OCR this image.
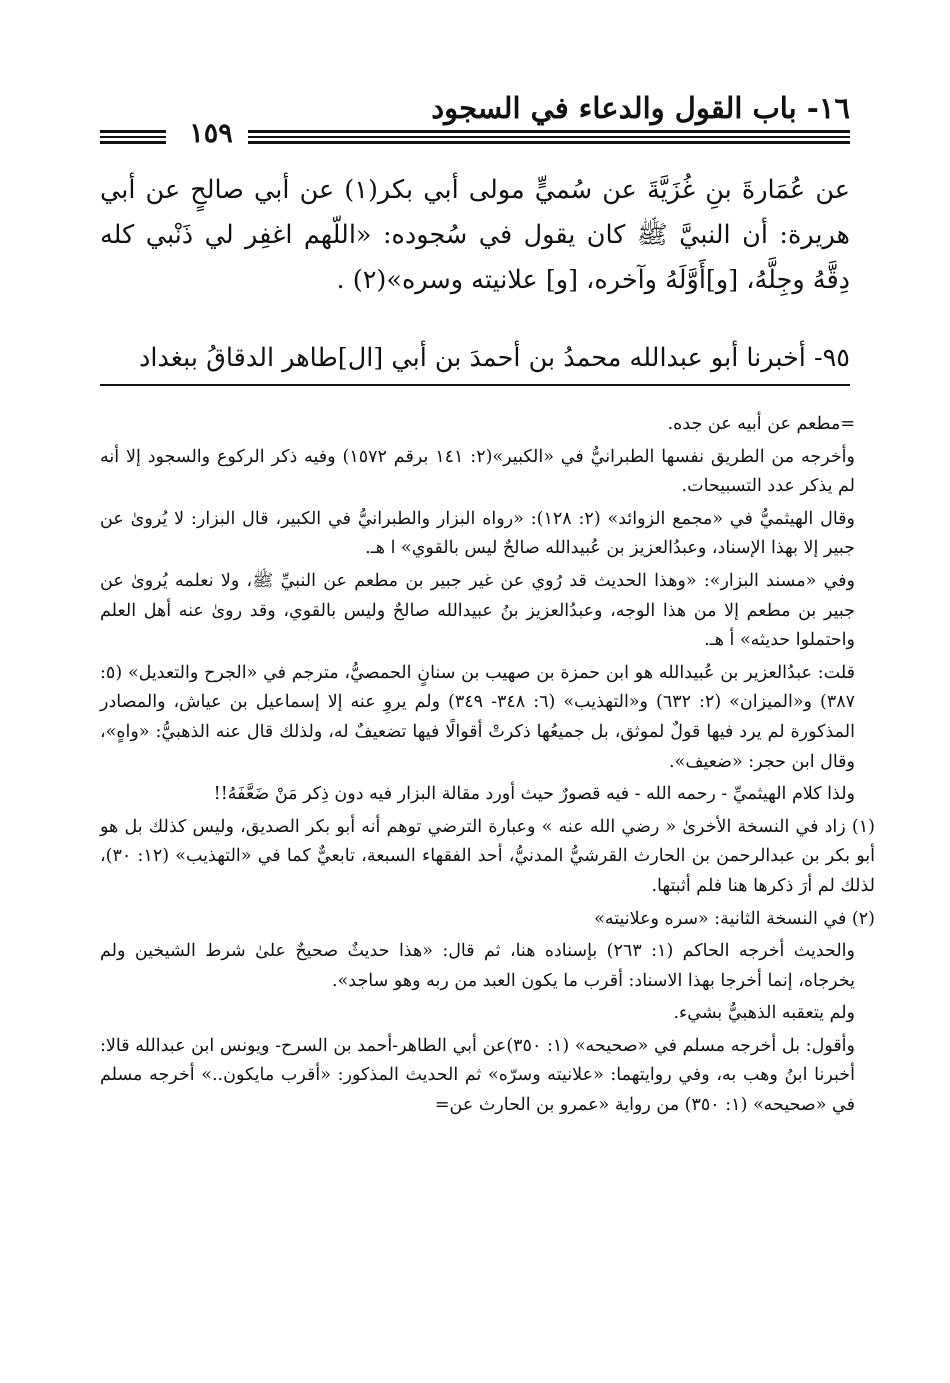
١٦- باب القول والدعاء في السجود
١٥٩

عن عُمَارةَ بنِ غُزَيَّةَ عن سُميٍّ مولى أبي بكر(١) عن أبي صالحٍ عن أبي هريرة: أن النبيَّ ﷺ كان يقول في سُجوده: «اللّهم اغفِر لي ذَنْبي كله دِقَّهُ وجِلَّهُ، [و]أَوَّلَهُ وآخره، [و] علانيته وسره»(٢) .

٩٥- أخبرنا أبو عبدالله محمدُ بن أحمدَ بن أبي [ال]طاهر الدقاقُ ببغداد

=مطعم عن أبيه عن جده.

وأخرجه من الطريق نفسها الطبرانيُّ في «الكبير»(٢: ١٤١ برقم ١٥٧٢) وفيه ذكر الركوع والسجود إلا أنه لم يذكر عدد التسبيحات.

وقال الهيثميُّ في «مجمع الزوائد» (٢: ١٢٨): «رواه البزار والطبرانيُّ في الكبير، قال البزار: لا يُروىٰ عن جبير إلا بهذا الإسناد، وعبدُالعزيز بن عُبيدالله صالحٌ ليس بالقوي» ا هـ.

وفي «مسند البزار»: «وهذا الحديث قد رُوي عن غير جبير بن مطعم عن النبيِّ ﷺ، ولا نعلمه يُروىٰ عن جبير بن مطعم إلا من هذا الوجه، وعبدُالعزيز بنُ عبيدالله صالحٌ وليس بالقوي، وقد روىٰ عنه أهل العلم واحتملوا حديثه» أ هـ.

قلت: عبدُالعزير بن عُبيدالله هو ابن حمزة بن صهيب بن سنانٍ الحمصيُّ، مترجم في «الجرح والتعديل» (٥: ٣٨٧) و«الميزان» (٢: ٦٣٢) و«التهذيب» (٦: ٣٤٨- ٣٤٩) ولم يروِ عنه إلا إسماعيل بن عياش، والمصادر المذكورة لم يرد فيها قولٌ لموثق، بل جميعُها ذكرتْ أقوالًا فيها تضعيفٌ له، ولذلك قال عنه الذهبيُّ: «واهٍ»، وقال ابن حجر: «ضعيف».

ولذا كلام الهيثميِّ - رحمه الله - فيه قصورٌ حيث أورد مقالة البزار فيه دون ذِكر مَنْ ضَعَّفَهُ!!

(١) زاد في النسخة الأخرىٰ « رضي الله عنه » وعبارة الترضي توهم أنه أبو بكر الصديق، وليس كذلك بل هو أبو بكر بن عبدالرحمن بن الحارث القرشيُّ المدنيُّ، أحد الفقهاء السبعة، تابعيٌّ كما في «التهذيب» (١٢: ٣٠)، لذلك لم أرَ ذكرها هنا فلم أثبتها.

(٢) في النسخة الثانية: «سره وعلانيته»

والحديث أخرجه الحاكم (١: ٢٦٣) بإسناده هنا، ثم قال: «هذا حديثٌ صحيحٌ علىٰ شرط الشيخين ولم يخرجاه، إنما أخرجا بهذا الاسناد: أقرب ما يكون العبد من ربه وهو ساجد».

ولم يتعقبه الذهبيُّ بشيء.

وأقول: بل أخرجه مسلم في «صحيحه» (١: ٣٥٠)عن أبي الطاهر-أحمد بن السرح- ويونس ابن عبدالله قالا: أخبرنا ابنُ وهب به، وفي روايتهما: «علانيته وسرّه» ثم الحديث المذكور: «أقرب مايكون..» أخرجه مسلم في «صحيحه» (١: ٣٥٠) من رواية «عمرو بن الحارث عن=
